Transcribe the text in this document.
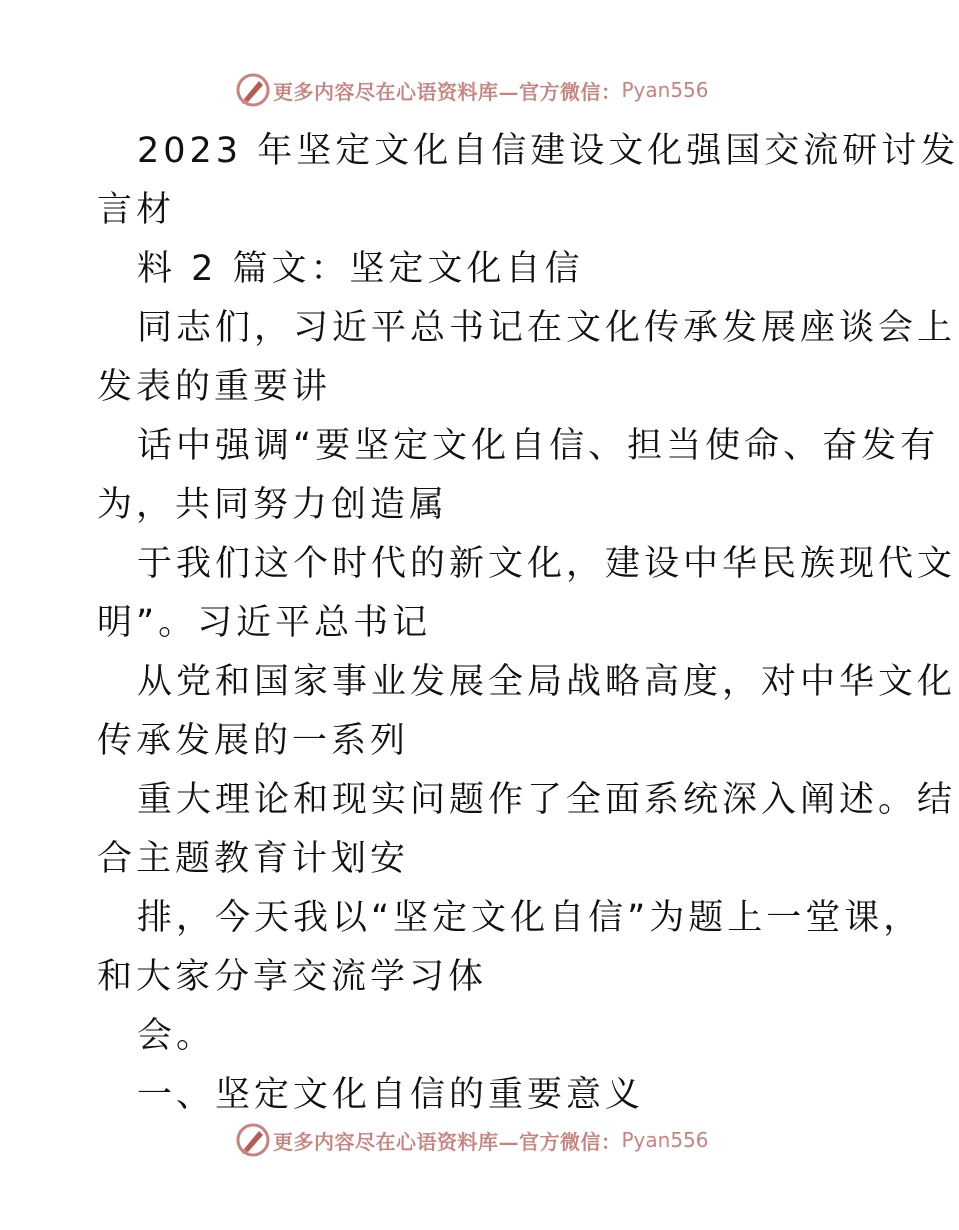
更多内容尽在心语资料库—官方微信： Pyan556
2023 年坚定文化自信建设文化强国交流研讨发
言材
料 2 篇文：坚定文化自信
同志们，习近平总书记在文化传承发展座谈会上
发表的重要讲
话中强调“要坚定文化自信、担当使命、奋发有
为，共同努力创造属
于我们这个时代的新文化，建设中华民族现代文
明”。习近平总书记
从党和国家事业发展全局战略高度，对中华文化
传承发展的一系列
重大理论和现实问题作了全面系统深入阐述。结
合主题教育计划安
排，今天我以“坚定文化自信”为题上一堂课，
和大家分享交流学习体
会。
一、坚定文化自信的重要意义
更多内容尽在心语资料库—官方微信： Pyan556
